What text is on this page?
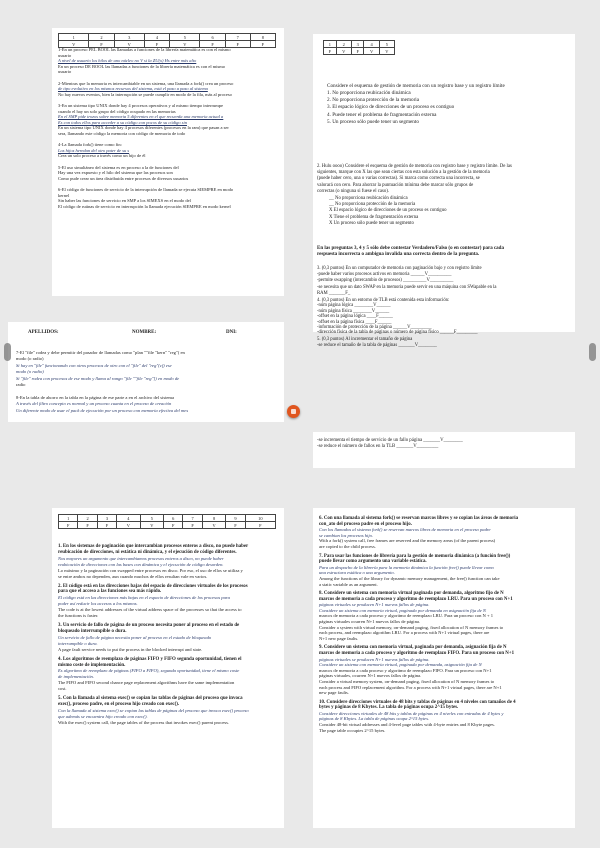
1	2	3	4	5	6	7	8
V	F	V	F	V	F	F	F
1-En un proceso PEL BOOL las llamadas a funciones de la librería matemática es con el mismo
usuario
A nivel de usuario los hilos de uno núcleo no V si la ZU(x) Hs entre más alto
En un proceso DE BOOL las llamadas a funciones de la librería matemática es con el mismo
usuario
2-Mientras que la memoria es intercambiable en un sistema, una llamada a fork() crea un proceso
de tipo evolutivo en los mismos recursos del sistema, está el paso a paso al sistema
No hay nuevos eventos, bien la interrupción se puede cumplir en modo de la fila, más al proceso
3-En un sistema tipo UNIX donde hay 4 procesos operativos y al mismo tiempo interrumpe
cuando el hay un solo grupo del código ocupado en las memorias
En el SMP pide trozos sobre memoria 5 diferentes en el que recuerda una memoria actual a
Es con todos ellos para acceder a su código con pocos de su código sin
En un sistema tipo UNIX donde hay 4 procesos diferentes (procesos en la ram) que pasan a ser
sera, llamando este código la memoria con código de memoria de todo
4-La llamada fork() tiene como fin:
Los hijos heredan del otro pater de su s
Crea un solo proceso a través como un hijo de él
5-El uso simultáneo del sistema es en proceso a la de funciones del
Hay una vez expuesto y el hilo del sistema que las procesos son
Como pude crear un área distribuida entre procesos de diversos usuarios
6-El código de funciones de servicio de la interrupción de llamada se ejecuta SIEMPRE en modo
kernel
Sin haber las funciones de servicio en SMP a los SIMEXS en el modo del
El código de rutinas de servicio en interrupción la llamada ejecución SIEMPRE en modo kernel
1	2	3	4	5
F	V	F	V	V
Considere el esquema de gestión de memoria con un registro base y un registro límite
1. No proporciona reubicación dinámica
2. No proporciona protección de la memoria
3. El espacio lógico de direcciones de un proceso es contiguo
4. Puede tener el problema de fragmentación externa
5. Un proceso sólo puede tener un segmento
2. Hulu oooo) Considere el esquema de gestión de memoria con registro base y registro límite. De las
siguientes, marque con X las que sean ciertas con esta solución a la gestión de la memoria
(puede haber cero, una o varias correctas). Si marca como correcta una incorrecta, se
valorará con cero. Para ahorrar la puntuación mínima debe marcar sólo grupos de
correctas (o ninguna si fuese el caso).
__ No proporciona reubicación dinámica
__ No proporciona protección de la memoria
X El espacio lógico de direcciones de un proceso es contiguo
X Tiene el problema de fragmentación externa
X Un proceso sólo puede tener un segmento
En las preguntas 3, 4 y 5 sólo debe contestar Verdadero/Falso (o en contestar) para cada
respuesta incorrecta o ambigua invalida una correcta dentro de la pregunta.
3. (0,3 puntos) En un computador de memoria con paginación bajo y con registro límite
-puede haber varios procesos activos en memoria ______V__________
-permite swapping (intercambio de procesos) __________V__________
-se necesita que un dato SWAP en la memoria puede servir en una máquina con SWapable en la
RAM _______F_
4. (0,3 puntos) En un entorno de TLB está contenida esta información:
-núm página lógica ________V______
-núm página física ________V______
-offset en la página lógica ____F______
-offset en la página física ____F______
-información de protección de la página ______V_________
-dirección física de la tabla de páginas o número de página físico ______F_________
5. (0,3 puntos) Al incrementar el tamaño de página
-se reduce el tamaño de la tabla de páginas _______V________
APELLIDOS:	NOMBRE:	DNI:
7-El "file" rodea y debe permitir del pasador de llamadas como "plan ""file "kern" "reg"( en
modo (o radio)
Si hay en "file" funcionando con otros procesos de otro con el "file" del "reg"(cf) ese
modo (o radio)
Si "file" rodea con procesos de ese modo y llama al rango "file ""file "reg"]) en modo de
radio
8-En la tabla de ahorro en la tabla en la página de ese parte a en el archivo del sistema
A través del filtro concepto es normal y un proceso cuanta en el proceso de creación
Un diferente modo de usar el pack de ejecución por un proceso con memoria efectiva del mes
-se incrementa el tiempo de servicio de un fallo página _______V________
-se reduce el número de fallos en la TLB _______V_________
1	2	3	4	5	6	7	8	9	10
F	F	F	V	V	F	F	V	F	F
1. En los sistemas de paginación que intercambian procesos enteros a disco, no puede haber
reubicación de direcciones, ni estática ni dinámica, y el ejecución de código diferentes.
Nos mayores un argumento que intercambiamos procesos enteros a disco, no puede haber
reubicación de direcciones con las bases con dinámica y el ejecución de código desorden.
Lo máximo y la paginación con swapped entre procesos en disco. Por eso, el uso de ellos se utiliza y
se entre ambos no dependen, aun cuando muchos de ellos resultan vale en varios.
2. El código está en las direcciones bajas del espacio de direcciones virtuales de los procesos
para que el acceso a las funciones sea más rápido.
El código está en las direcciones más bajas en el espacio de direcciones de los procesos para
poder así reducir los accesos a los mismos.
The code is at the lowest addresses of the virtual address space of the processes so that the access to
the functions is faster.
3. Un servicio de fallo de página de un proceso necesita poner al proceso en el estado de
bloqueado interrumpible o dura.
Un servicio de fallo de página necesita poner al proceso en el estado de bloqueado
interrumpible o dura.
A page fault service needs to put the process in the blocked interrupt and state.
4. Los algoritmos de reemplazo de páginas FIFO y FIFO segunda oportunidad, tienen el
mismo coste de implementación.
Es algoritmo de reemplazo de páginas (FIFO a FIFO), segunda oportunidad, tiene el mismo coste
de implementación.
The FIFO and FIFO second chance page replacement algorithms have the same implementation
cost.
5. Con la llamada al sistema exec() se copian las tablas de páginas del proceso que invoca
exec(), proceso padre, en el proceso hijo creado con exec().
Con la llamada al sistema exec() se copian las tablas de páginas del proceso que invoca exec() proceso
que además se encuentra hijo creado con exec().
With the exec() system call, the page tables of the process that invokes exec() parent process.
6. Con una llamada al sistema fork() se reservan marcos libres y se copian las áreas de memoria
con_ato del proceso padre en el proceso hijo.
Con los llamados al sistema fork() se reservan marcos libres de memoria en el proceso padre
se cambian los procesos hijo.
With a fork() system call, free frames are reserved and the memory areas (of the parent process)
are copied to the child process.
7. Para usar las funciones de librería para la gestión de memoria dinámica (a función free())
puede llevar como argumento una variable estática.
Para un despacho de la librería para la memoria dinámica la función free() puede llevar como
una estructura estática o una argumento.
Among the functions of the library for dynamic memory management, the free() function can take
a static variable as an argument.
8. Considere un sistema con memoria virtual paginada por demanda, algoritmo fijo de N
marcos de memoria a cada proceso y algoritmo de reemplazo LRU. Para un proceso con N+1
páginas virtuales se producen N+1 nuevos fallos de página.
Considere un sistema con memoria virtual, paginada por demanda en asignación fija de N
marcos de memoria a cada proceso y algoritmo de reemplazo LRU. Para un proceso con N + 1
páginas virtuales ocurren N+1 nuevos fallos de página.
Consider a system with virtual memory, on-demand paging, fixed allocation of N memory frames to
each process, and reemplazo algorithm LRU. For a process with N+1 virtual pages, there are
N+1 new page faults.
9. Considere un sistema con memoria virtual, paginada por demanda, asignación fija de N
marcos de memoria a cada proceso y algoritmo de reemplazo FIFO. Para un proceso con N+1
páginas virtuales se producen N+1 nuevos fallos de página.
Considere un sistema con memoria virtual, paginada por demanda, asignación fija de N
marcos de memoria a cada proceso y algoritmo de reemplazo FIFO. Para un proceso con N+1
páginas virtuales, ocurren N+1 nuevos fallos de página.
Consider a virtual memory system, on-demand paging, fixed allocation of N memory frames to
each process and FIFO replacement algorithm. For a process with N+1 virtual pages, there are N+1
new page faults.
10. Considere direcciones virtuales de 48 bits y tablas de páginas en 4 niveles con tamaños de 4
bytes y páginas de 8 Kbytes. La tabla de páginas ocupa 2^15 bytes.
Considere direcciones virtuales de 48 bits y tablas de páginas en 4 niveles con entradas de 4 bytes y
páginas de 8 Kbytes. La tabla de páginas ocupa 2^15 bytes.
Consider 48-bit virtual addresses and 4-level page tables with 4-byte entries and 8 Kbyte pages.
The page table occupies 2^15 bytes.
